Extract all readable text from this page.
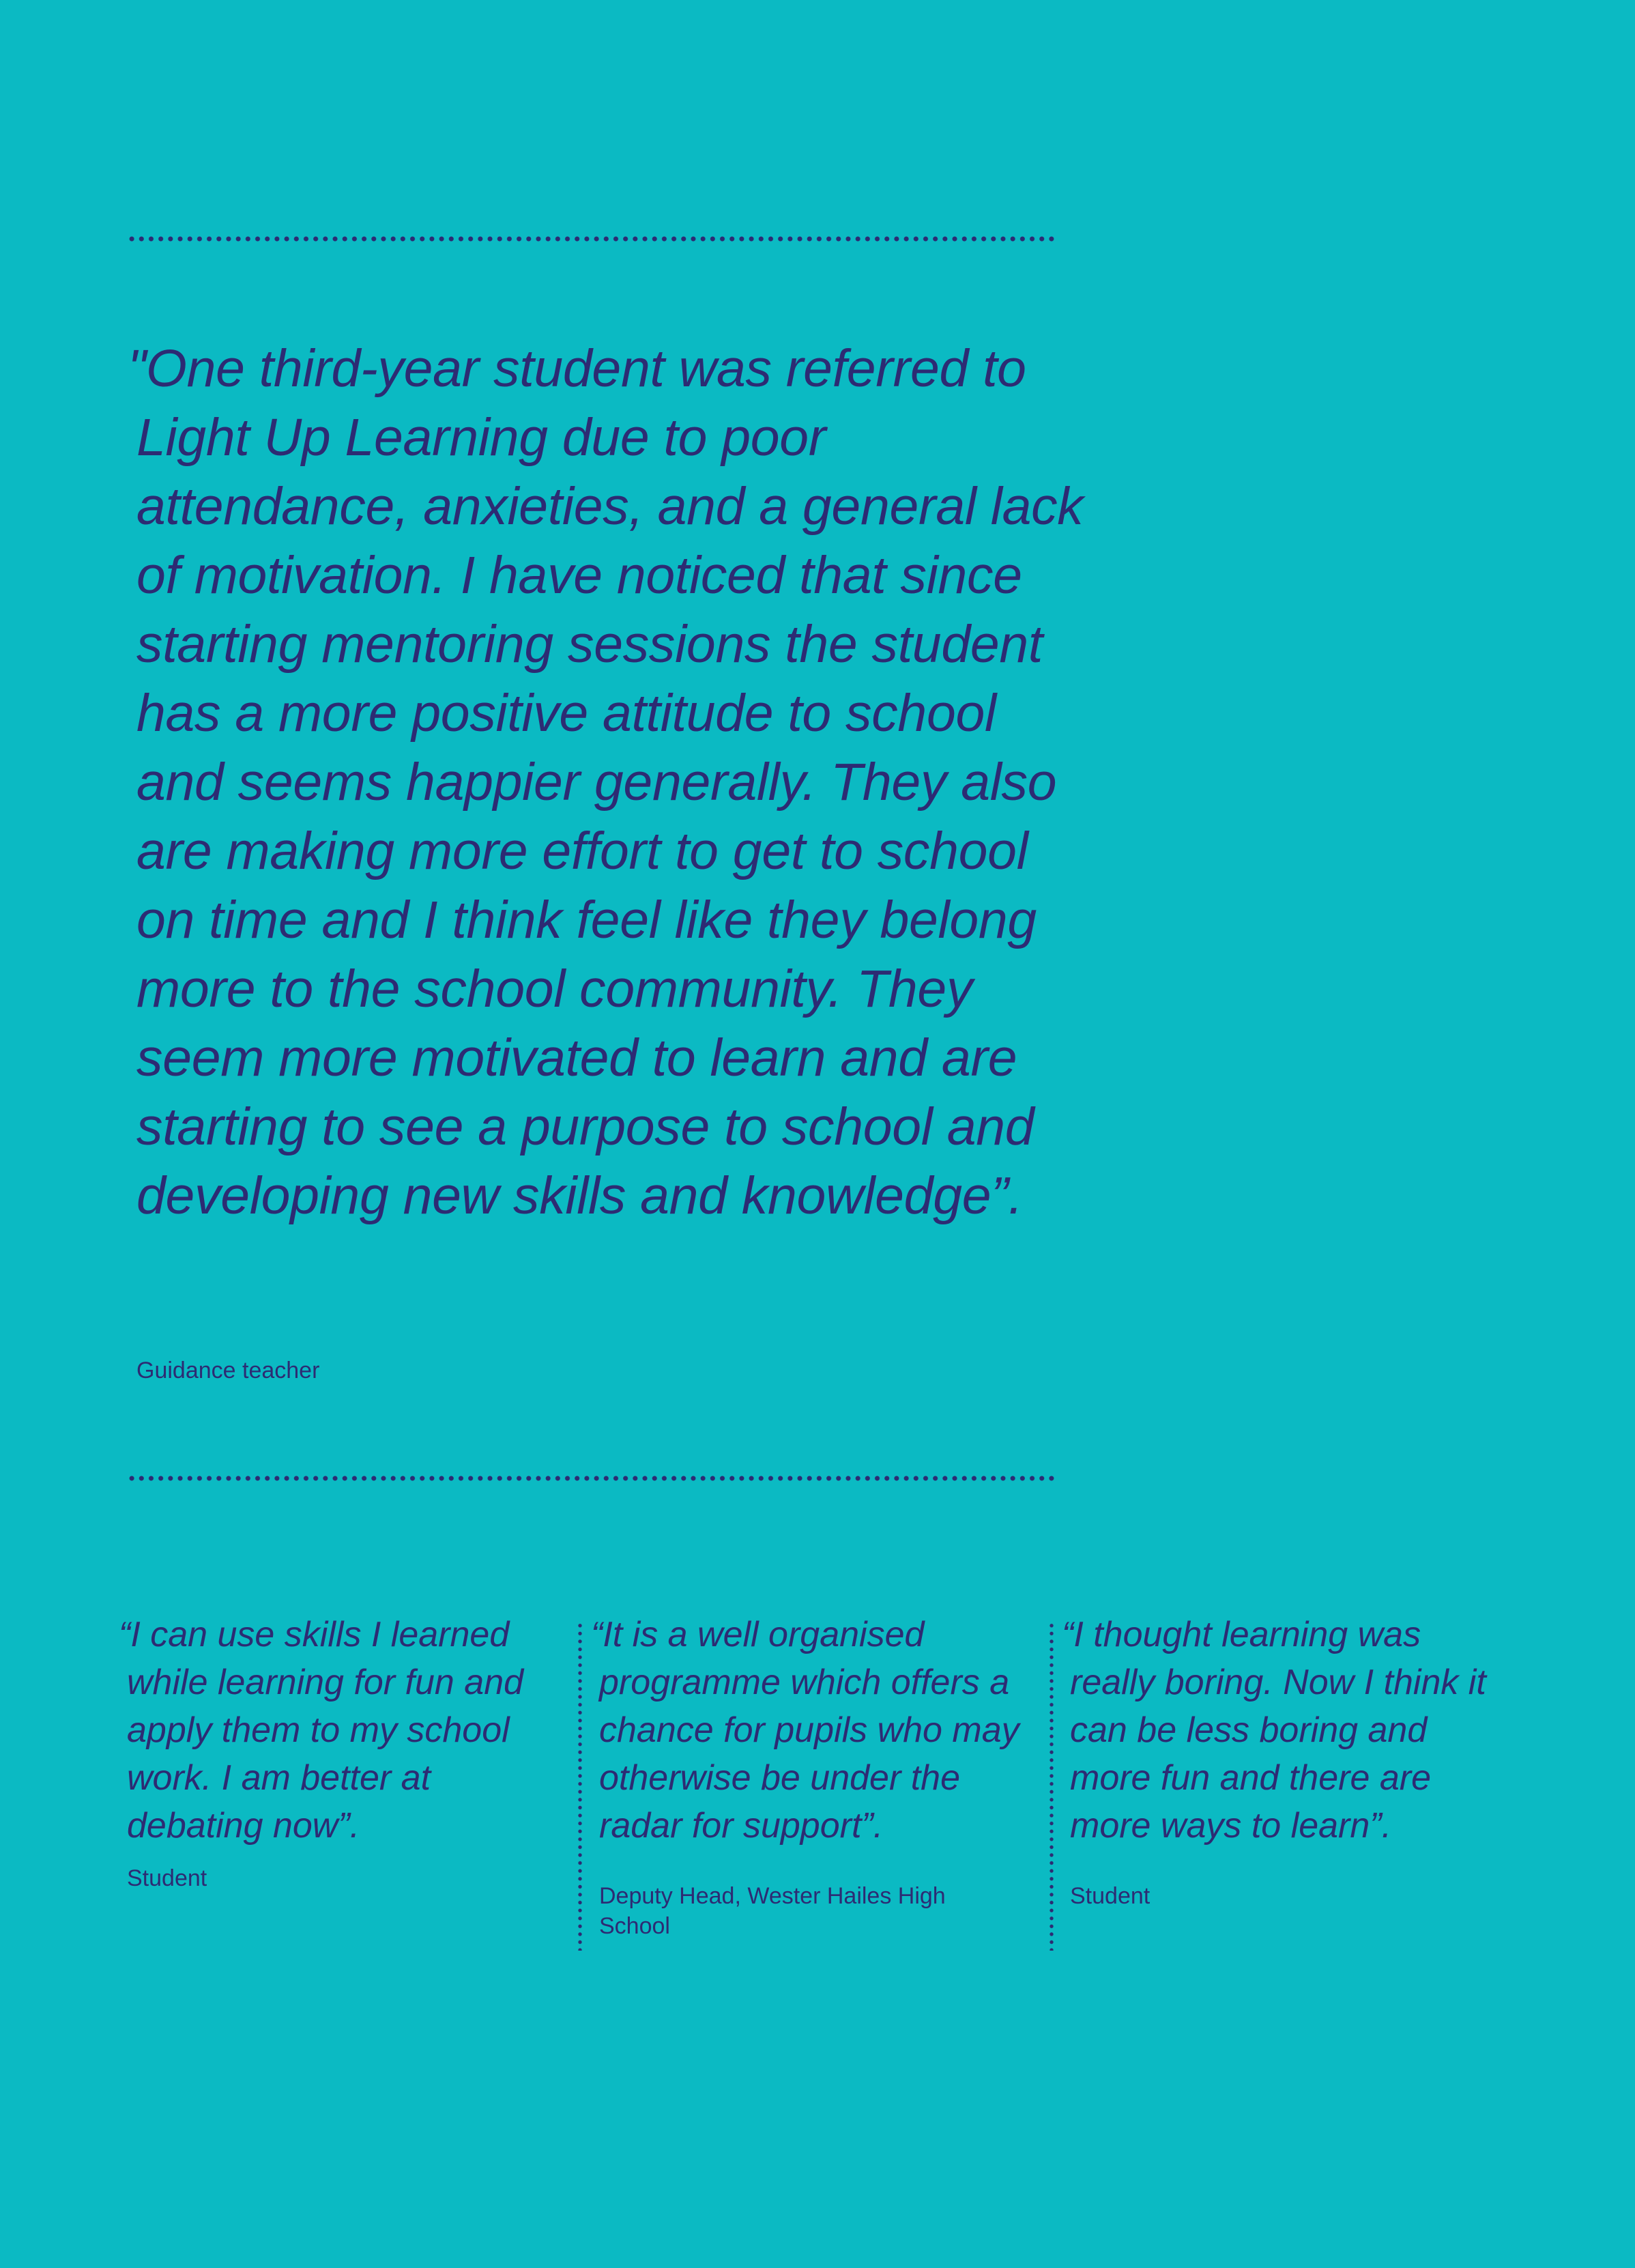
"One third-year student was referred to Light Up Learning due to poor attendance, anxieties, and a general lack of motivation. I have noticed that since starting mentoring sessions the student has a more positive attitude to school and seems happier generally. They also are making more effort to get to school on time and I think feel like they belong more to the school community. They seem more motivated to learn and are starting to see a purpose to school and developing new skills and knowledge”.

Guidance teacher

“I can use skills I learned while learning for fun and apply them to my school work. I am better at debating now”.

Student

“It is a well organised programme which offers a chance for pupils who may otherwise be under the radar for support”.

Deputy Head, Wester Hailes High School

“I thought learning was really boring. Now I think it can be less boring and more fun and there are more ways to learn”.

Student
